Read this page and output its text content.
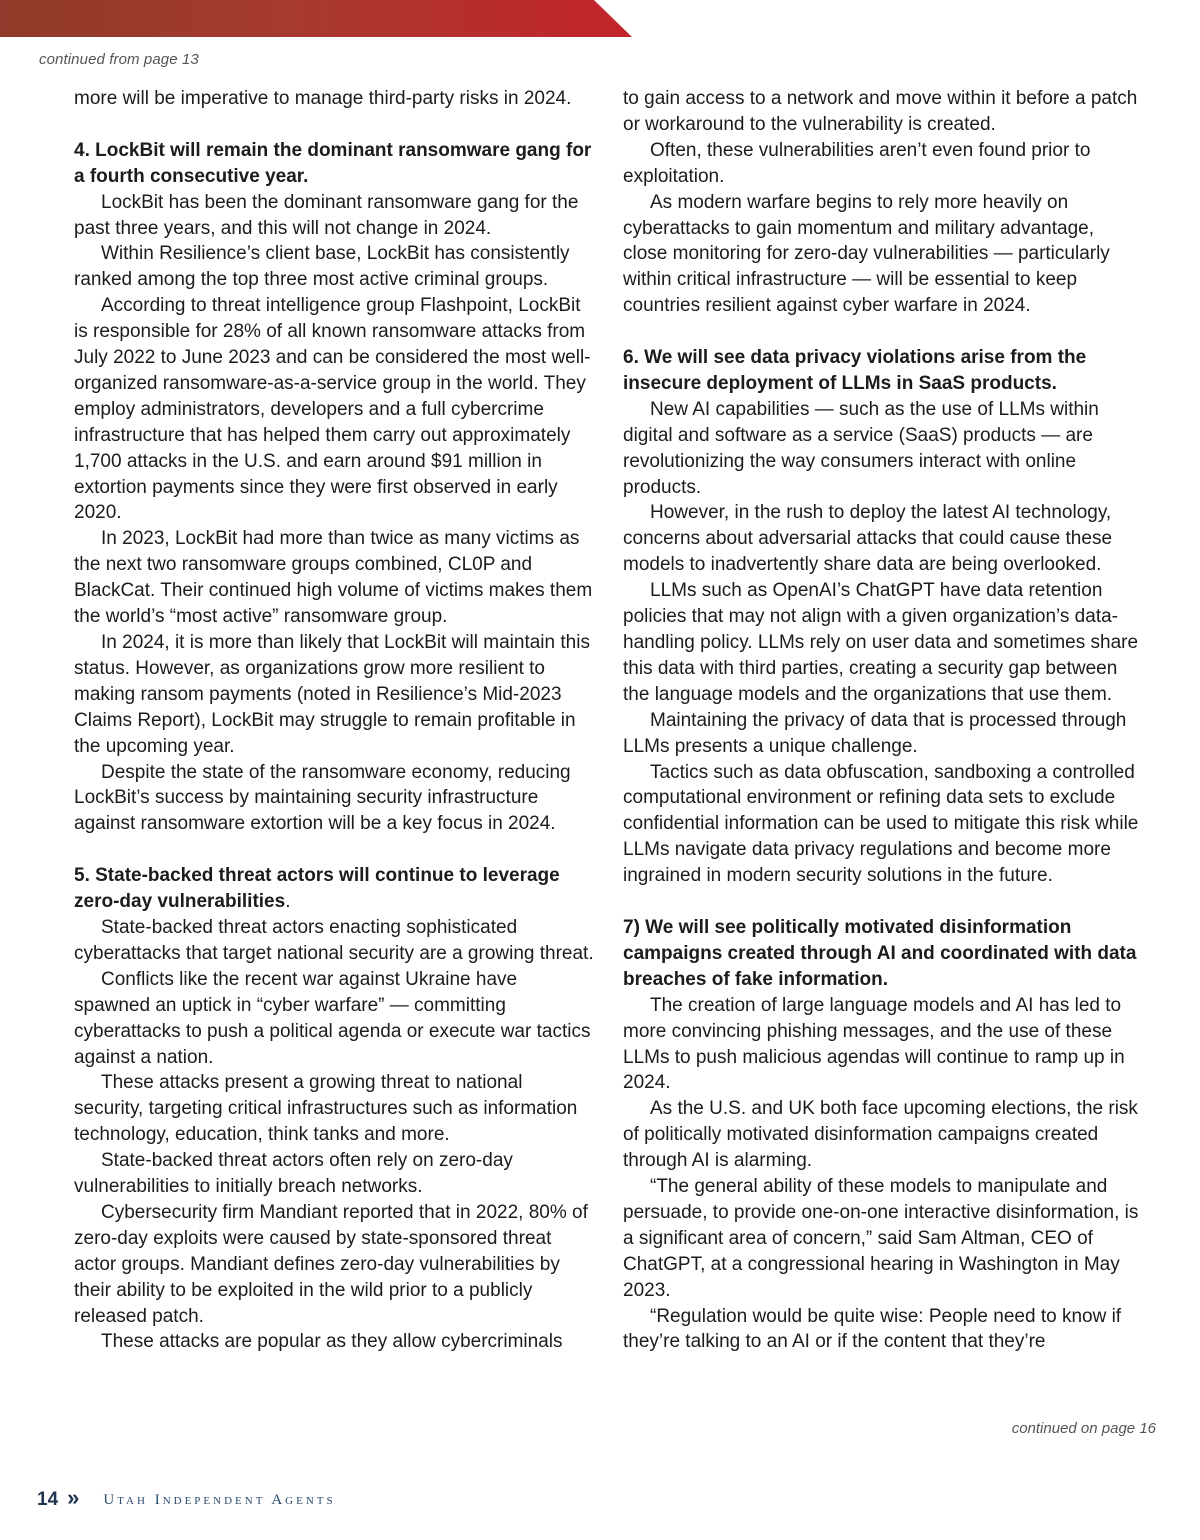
continued from page 13

more will be imperative to manage third-party risks in 2024.

4. LockBit will remain the dominant ransomware gang for a fourth consecutive year.

LockBit has been the dominant ransomware gang for the past three years, and this will not change in 2024.

Within Resilience’s client base, LockBit has consistently ranked among the top three most active criminal groups.

According to threat intelligence group Flashpoint, LockBit is responsible for 28% of all known ransomware attacks from July 2022 to June 2023 and can be considered the most well-organized ransomware-as-a-service group in the world. They employ administrators, developers and a full cybercrime infrastructure that has helped them carry out approximately 1,700 attacks in the U.S. and earn around $91 million in extortion payments since they were first observed in early 2020.

In 2023, LockBit had more than twice as many victims as the next two ransomware groups combined, CL0P and BlackCat. Their continued high volume of victims makes them the world’s “most active” ransomware group.

In 2024, it is more than likely that LockBit will maintain this status. However, as organizations grow more resilient to making ransom payments (noted in Resilience’s Mid-2023 Claims Report), LockBit may struggle to remain profitable in the upcoming year.

Despite the state of the ransomware economy, reducing LockBit’s success by maintaining security infrastructure against ransomware extortion will be a key focus in 2024.

5. State-backed threat actors will continue to leverage zero-day vulnerabilities.

State-backed threat actors enacting sophisticated cyberattacks that target national security are a growing threat.

Conflicts like the recent war against Ukraine have spawned an uptick in “cyber warfare” — committing cyberattacks to push a political agenda or execute war tactics against a nation.

These attacks present a growing threat to national security, targeting critical infrastructures such as information technology, education, think tanks and more.

State-backed threat actors often rely on zero-day vulnerabilities to initially breach networks.

Cybersecurity firm Mandiant reported that in 2022, 80% of zero-day exploits were caused by state-sponsored threat actor groups. Mandiant defines zero-day vulnerabilities by their ability to be exploited in the wild prior to a publicly released patch.

These attacks are popular as they allow cybercriminals

to gain access to a network and move within it before a patch or workaround to the vulnerability is created.

Often, these vulnerabilities aren’t even found prior to exploitation.

As modern warfare begins to rely more heavily on cyberattacks to gain momentum and military advantage, close monitoring for zero-day vulnerabilities — particularly within critical infrastructure — will be essential to keep countries resilient against cyber warfare in 2024.

6. We will see data privacy violations arise from the insecure deployment of LLMs in SaaS products.

New AI capabilities — such as the use of LLMs within digital and software as a service (SaaS) products — are revolutionizing the way consumers interact with online products.

However, in the rush to deploy the latest AI technology, concerns about adversarial attacks that could cause these models to inadvertently share data are being overlooked.

LLMs such as OpenAI’s ChatGPT have data retention policies that may not align with a given organization’s data-handling policy. LLMs rely on user data and sometimes share this data with third parties, creating a security gap between the language models and the organizations that use them.

Maintaining the privacy of data that is processed through LLMs presents a unique challenge.

Tactics such as data obfuscation, sandboxing a controlled computational environment or refining data sets to exclude confidential information can be used to mitigate this risk while LLMs navigate data privacy regulations and become more ingrained in modern security solutions in the future.

7) We will see politically motivated disinformation campaigns created through AI and coordinated with data breaches of fake information.

The creation of large language models and AI has led to more convincing phishing messages, and the use of these LLMs to push malicious agendas will continue to ramp up in 2024.

As the U.S. and UK both face upcoming elections, the risk of politically motivated disinformation campaigns created through AI is alarming.

“The general ability of these models to manipulate and persuade, to provide one-on-one interactive disinformation, is a significant area of concern,” said Sam Altman, CEO of ChatGPT, at a congressional hearing in Washington in May 2023.

“Regulation would be quite wise: People need to know if they’re talking to an AI or if the content that they’re

continued on page 16
14 » Utah Independent Agents
